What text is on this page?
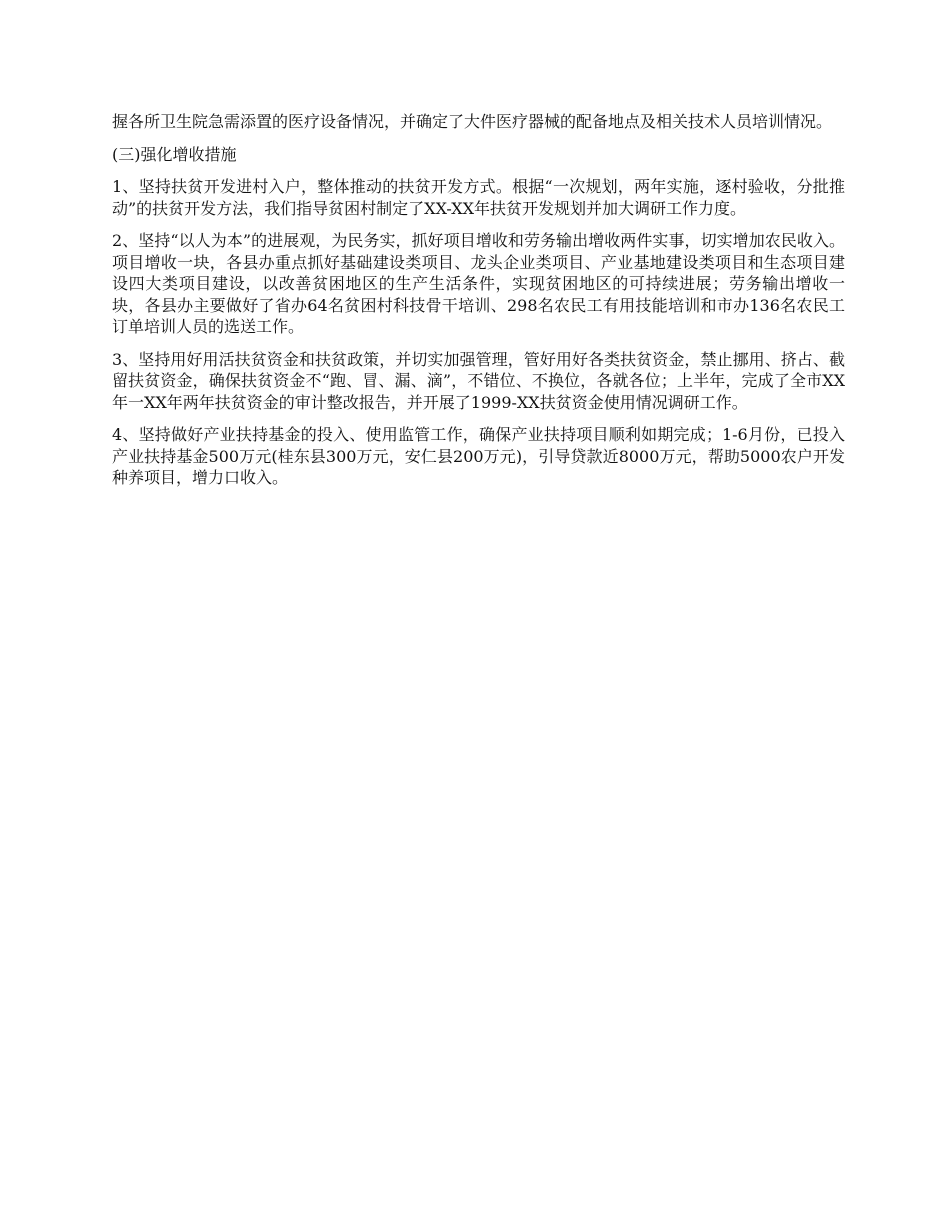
握各所卫生院急需添置的医疗设备情况，并确定了大件医疗器械的配备地点及相关技术人员培训情况。

(三)强化增收措施

1、坚持扶贫开发进村入户，整体推动的扶贫开发方式。根据“一次规划，两年实施，逐村验收，分批推动”的扶贫开发方法，我们指导贫困村制定了XX-XX年扶贫开发规划并加大调研工作力度。

2、坚持“以人为本”的进展观，为民务实，抓好项目增收和劳务输出增收两件实事，切实增加农民收入。项目增收一块，各县办重点抓好基础建设类项目、龙头企业类项目、产业基地建设类项目和生态项目建设四大类项目建设，以改善贫困地区的生产生活条件，实现贫困地区的可持续进展；劳务输出增收一块，各县办主要做好了省办64名贫困村科技骨干培训、298名农民工有用技能培训和市办136名农民工订单培训人员的选送工作。

3、坚持用好用活扶贫资金和扶贫政策，并切实加强管理，管好用好各类扶贫资金，禁止挪用、挤占、截留扶贫资金，确保扶贫资金不“跑、冒、漏、滴”，不错位、不换位，各就各位；上半年，完成了全市XX年一XX年两年扶贫资金的审计整改报告，并开展了1999-XX扶贫资金使用情况调研工作。

4、坚持做好产业扶持基金的投入、使用监管工作，确保产业扶持项目顺利如期完成；1-6月份，已投入产业扶持基金500万元(桂东县300万元，安仁县200万元)，引导贷款近8000万元，帮助5000农户开发种养项目，增力口收入。
